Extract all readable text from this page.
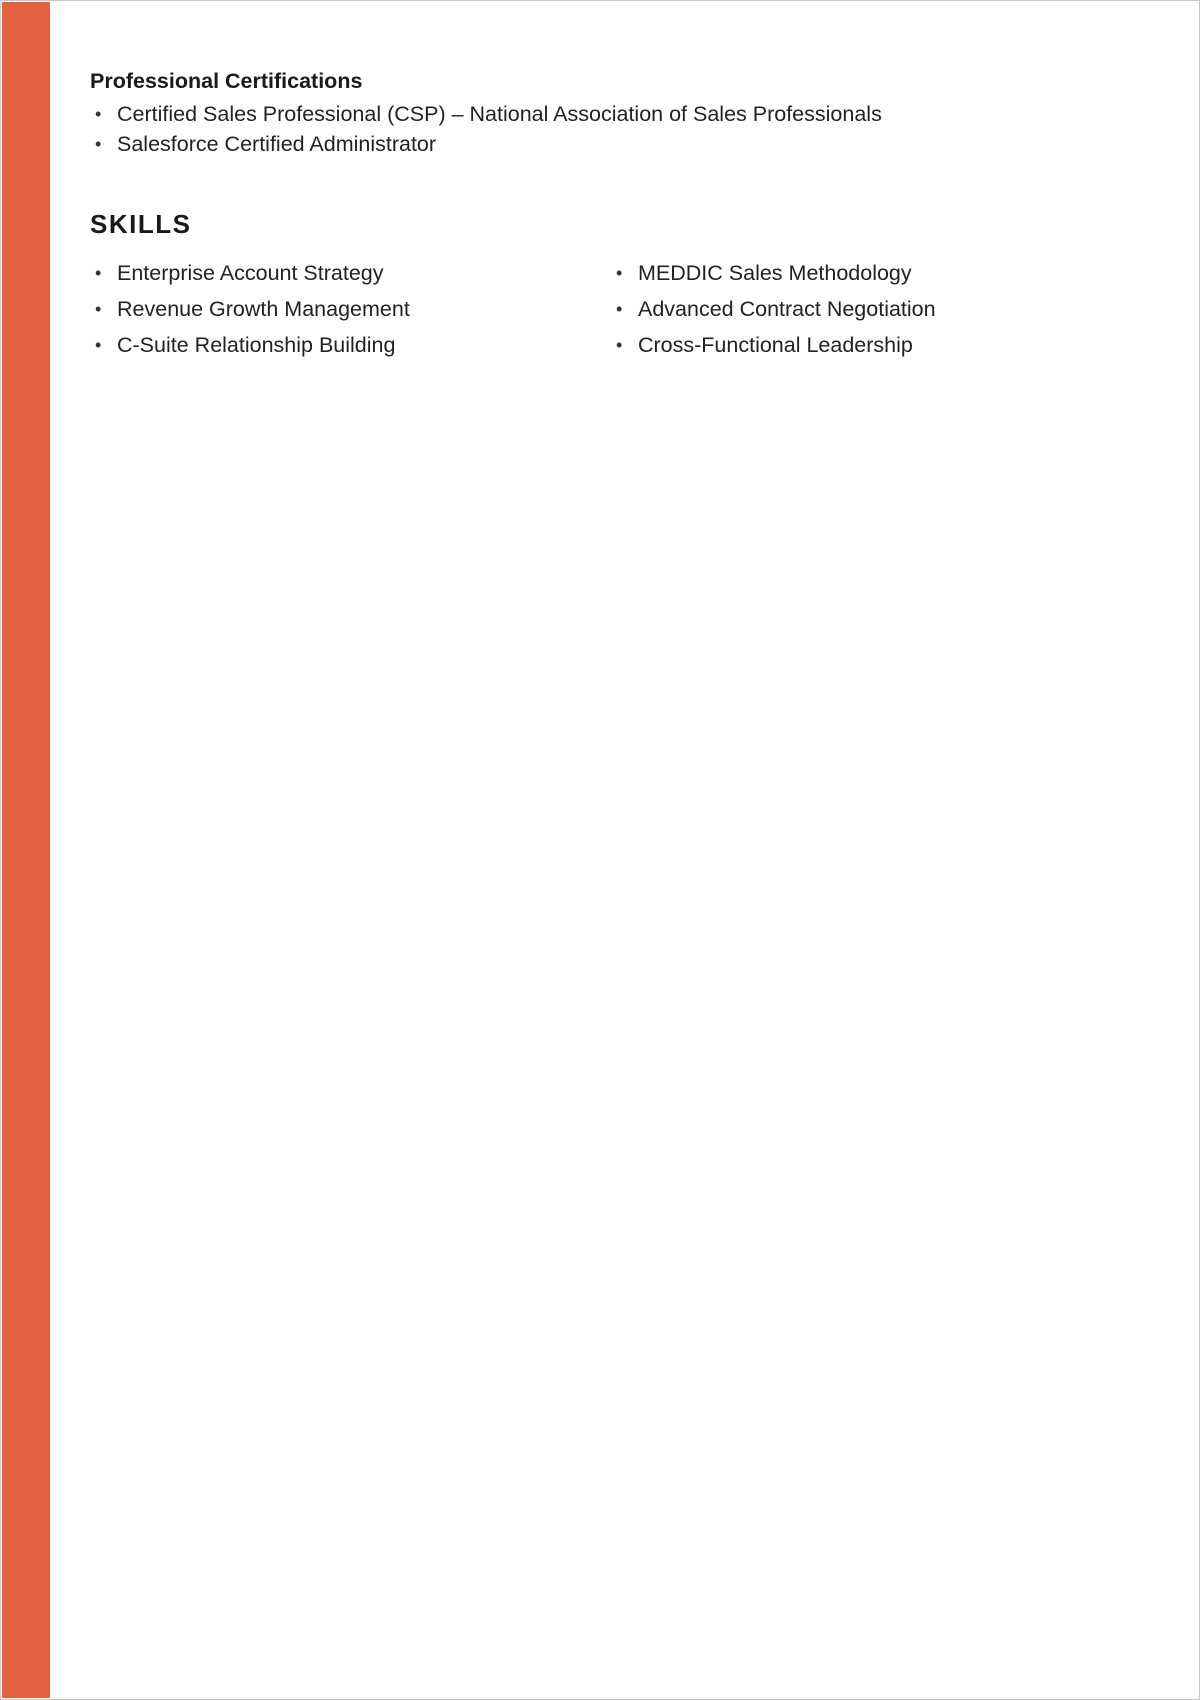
Professional Certifications
• Certified Sales Professional (CSP) – National Association of Sales Professionals
• Salesforce Certified Administrator
SKILLS
• Enterprise Account Strategy
• Revenue Growth Management
• C-Suite Relationship Building
• MEDDIC Sales Methodology
• Advanced Contract Negotiation
• Cross-Functional Leadership
